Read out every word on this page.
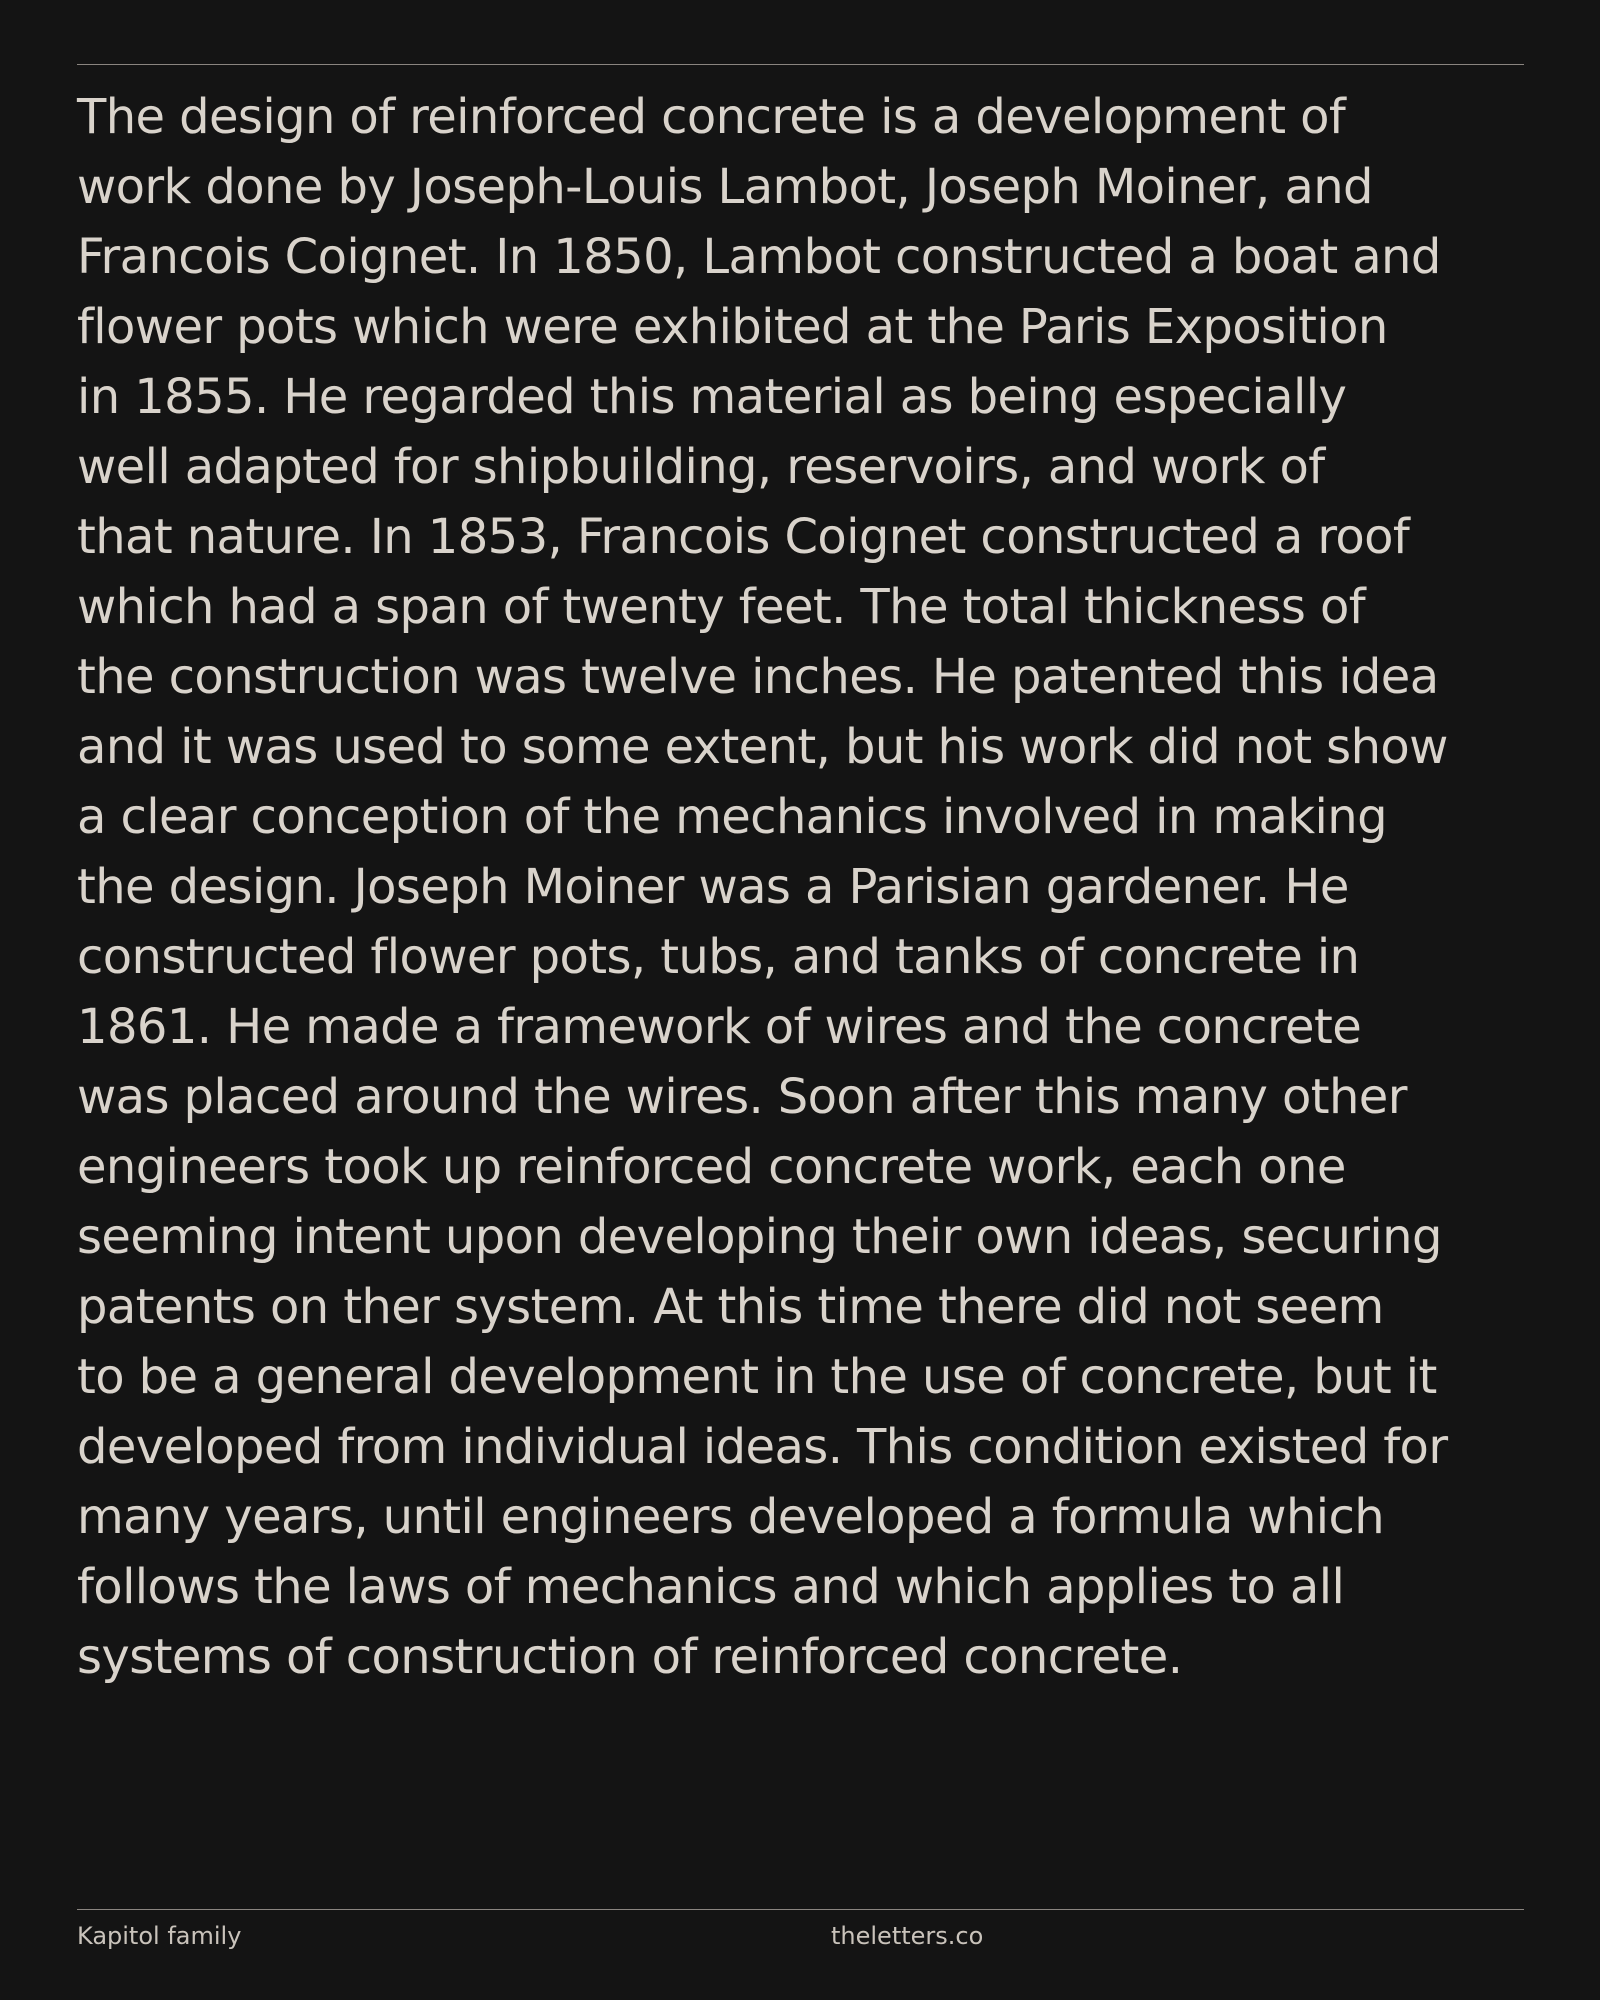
The design of reinforced concrete is a development of
work done by Joseph-Louis Lambot, Joseph Moiner, and
Francois Coignet. In 1850, Lambot constructed a boat and
flower pots which were exhibited at the Paris Exposition
in 1855. He regarded this material as being especially
well adapted for shipbuilding, reservoirs, and work of
that nature. In 1853, Francois Coignet constructed a roof
which had a span of twenty feet. The total thickness of
the construction was twelve inches. He patented this idea
and it was used to some extent, but his work did not show
a clear conception of the mechanics involved in making
the design. Joseph Moiner was a Parisian gardener. He
constructed flower pots, tubs, and tanks of concrete in
1861. He made a framework of wires and the concrete
was placed around the wires. Soon after this many other
engineers took up reinforced concrete work, each one
seeming intent upon developing their own ideas, securing
patents on ther system. At this time there did not seem
to be a general development in the use of concrete, but it
developed from individual ideas. This condition existed for
many years, until engineers developed a formula which
follows the laws of mechanics and which applies to all
systems of construction of reinforced concrete.

Kapitol family	theletters.co
